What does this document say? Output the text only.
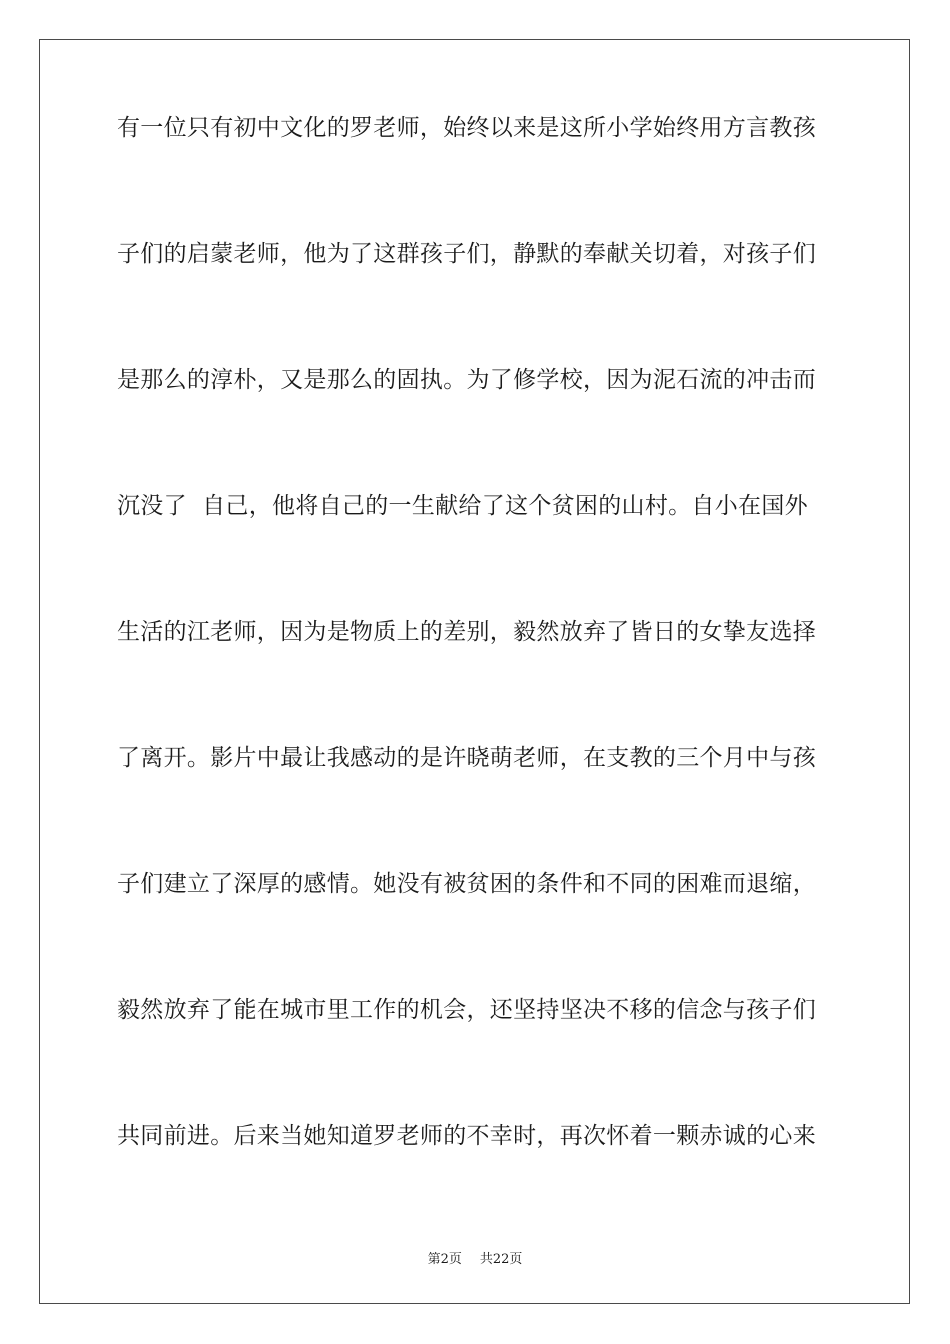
有一位只有初中文化的罗老师，始终以来是这所小学始终用方言教孩
子们的启蒙老师，他为了这群孩子们，静默的奉献关切着，对孩子们
是那么的淳朴，又是那么的固执。为了修学校，因为泥石流的冲击而
沉没了  自己，他将自己的一生献给了这个贫困的山村。自小在国外
生活的江老师，因为是物质上的差别，毅然放弃了皆日的女挚友选择
了离开。影片中最让我感动的是许晓萌老师，在支教的三个月中与孩
子们建立了深厚的感情。她没有被贫困的条件和不同的困难而退缩，
毅然放弃了能在城市里工作的机会，还坚持坚决不移的信念与孩子们
共同前进。后来当她知道罗老师的不幸时，再次怀着一颗赤诚的心来
第2页 共22页
